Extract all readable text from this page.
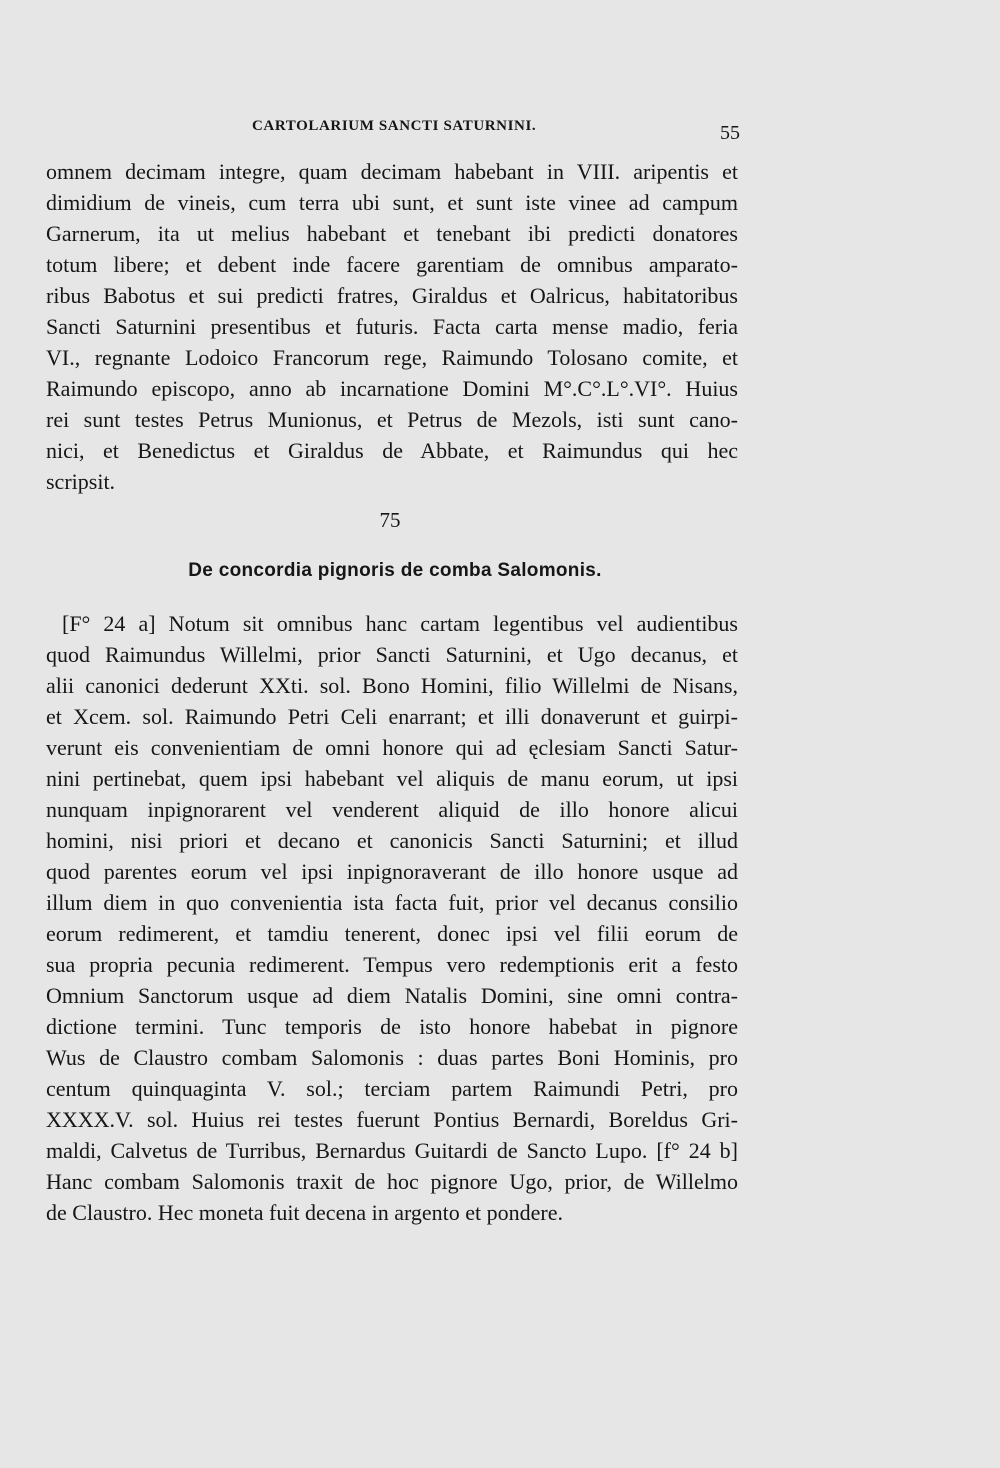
CARTOLARIUM SANCTI SATURNINI.	55
omnem decimam integre, quam decimam habebant in VIII. aripentis et
dimidium de vineis, cum terra ubi sunt, et sunt iste vinee ad campum
Garnerum, ita ut melius habebant et tenebant ibi predicti donatores
totum libere; et debent inde facere garentiam de omnibus amparato-
ribus Babotus et sui predicti fratres, Giraldus et Oalricus, habitatoribus
Sancti Saturnini presentibus et futuris. Facta carta mense madio, feria
VI., regnante Lodoico Francorum rege, Raimundo Tolosano comite, et
Raimundo episcopo, anno ab incarnatione Domini M°.C°.L°.VI°. Huius
rei sunt testes Petrus Munionus, et Petrus de Mezols, isti sunt cano-
nici, et Benedictus et Giraldus de Abbate, et Raimundus qui hec
scripsit.
75
De concordia pignoris de comba Salomonis.
[F° 24 a] Notum sit omnibus hanc cartam legentibus vel audientibus
quod Raimundus Willelmi, prior Sancti Saturnini, et Ugo decanus, et
alii canonici dederunt XXti. sol. Bono Homini, filio Willelmi de Nisans,
et Xcem. sol. Raimundo Petri Celi enarrant; et illi donaverunt et guirpi-
verunt eis convenientiam de omni honore qui ad ęclesiam Sancti Satur-
nini pertinebat, quem ipsi habebant vel aliquis de manu eorum, ut ipsi
nunquam inpignorarent vel venderent aliquid de illo honore alicui
homini, nisi priori et decano et canonicis Sancti Saturnini; et illud
quod parentes eorum vel ipsi inpignoraverant de illo honore usque ad
illum diem in quo convenientia ista facta fuit, prior vel decanus consilio
eorum redimerent, et tamdiu tenerent, donec ipsi vel filii eorum de
sua propria pecunia redimerent. Tempus vero redemptionis erit a festo
Omnium Sanctorum usque ad diem Natalis Domini, sine omni contra-
dictione termini. Tunc temporis de isto honore habebat in pignore
Wus de Claustro combam Salomonis : duas partes Boni Hominis, pro
centum quinquaginta V. sol.; terciam partem Raimundi Petri, pro
XXXX.V. sol. Huius rei testes fuerunt Pontius Bernardi, Boreldus Gri-
maldi, Calvetus de Turribus, Bernardus Guitardi de Sancto Lupo. [f° 24 b]
Hanc combam Salomonis traxit de hoc pignore Ugo, prior, de Willelmo
de Claustro. Hec moneta fuit decena in argento et pondere.
